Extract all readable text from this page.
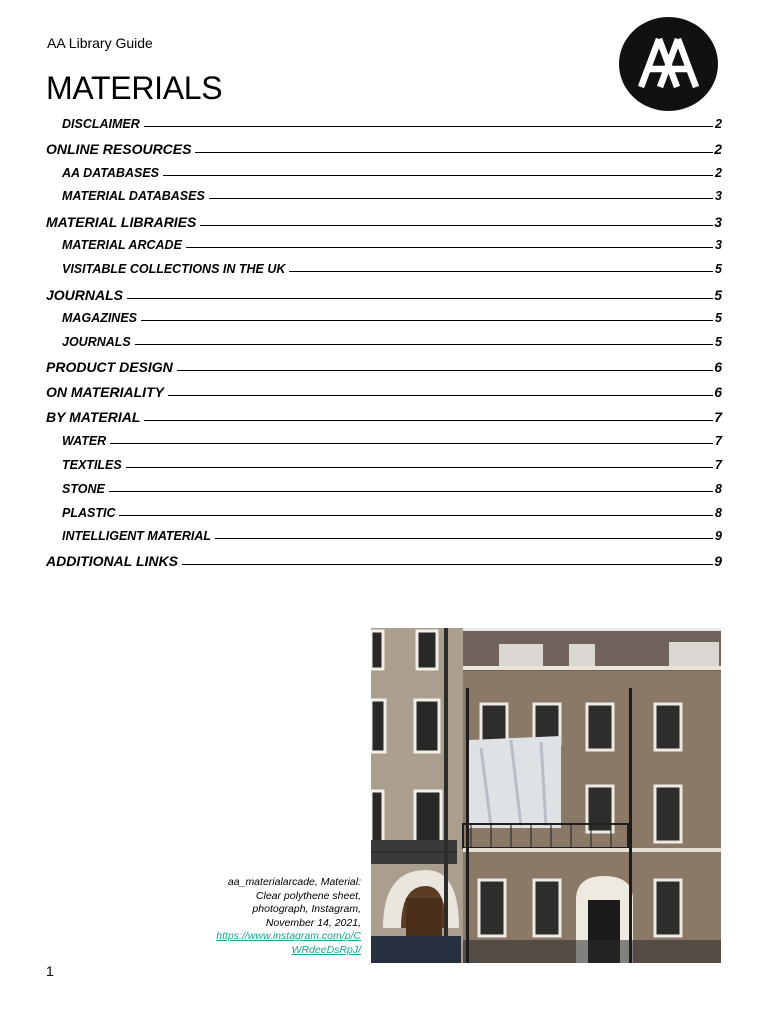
AA Library Guide
MATERIALS
DISCLAIMER	2
ONLINE RESOURCES	2
AA DATABASES	2
MATERIAL DATABASES	3
MATERIAL LIBRARIES	3
MATERIAL ARCADE	3
VISITABLE COLLECTIONS IN THE UK	5
JOURNALS	5
MAGAZINES	5
JOURNALS	5
PRODUCT DESIGN	6
ON MATERIALITY	6
BY MATERIAL	7
WATER	7
TEXTILES	7
STONE	8
PLASTIC	8
INTELLIGENT MATERIAL	9
ADDITIONAL LINKS	9
aa_materialarcade, Material:
Clear polythene sheet,
photograph, Instagram,
November 14, 2021,
https://www.instagram.com/p/C
WRdeeDsRpJ/
1
